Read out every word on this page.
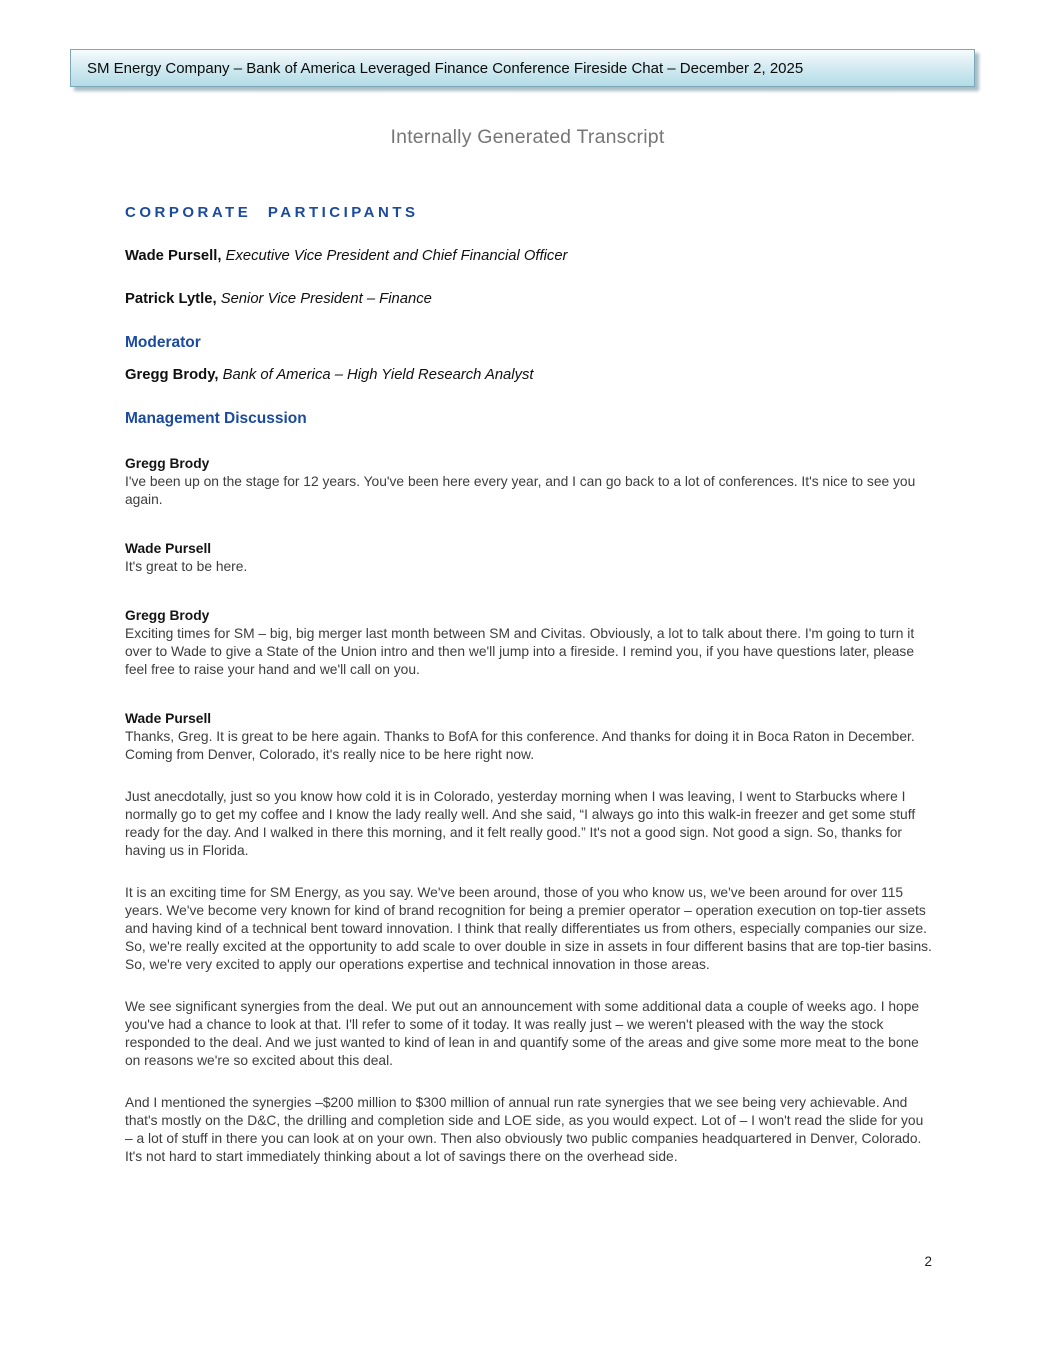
SM Energy Company – Bank of America Leveraged Finance Conference Fireside Chat – December 2, 2025
Internally Generated Transcript
CORPORATE PARTICIPANTS

Wade Pursell, Executive Vice President and Chief Financial Officer

Patrick Lytle, Senior Vice President – Finance

Moderator

Gregg Brody, Bank of America – High Yield Research Analyst

Management Discussion
Gregg Brody

I've been up on the stage for 12 years. You've been here every year, and I can go back to a lot of conferences. It's nice to see you again.

Wade Pursell

It's great to be here.

Gregg Brody

Exciting times for SM – big, big merger last month between SM and Civitas. Obviously, a lot to talk about there. I'm going to turn it over to Wade to give a State of the Union intro and then we'll jump into a fireside. I remind you, if you have questions later, please feel free to raise your hand and we'll call on you.

Wade Pursell

Thanks, Greg. It is great to be here again. Thanks to BofA for this conference. And thanks for doing it in Boca Raton in December. Coming from Denver, Colorado, it's really nice to be here right now.

Just anecdotally, just so you know how cold it is in Colorado, yesterday morning when I was leaving, I went to Starbucks where I normally go to get my coffee and I know the lady really well. And she said, “I always go into this walk-in freezer and get some stuff ready for the day. And I walked in there this morning, and it felt really good.” It's not a good sign. Not good a sign. So, thanks for having us in Florida.

It is an exciting time for SM Energy, as you say. We've been around, those of you who know us, we've been around for over 115 years. We've become very known for kind of brand recognition for being a premier operator – operation execution on top-tier assets and having kind of a technical bent toward innovation. I think that really differentiates us from others, especially companies our size. So, we're really excited at the opportunity to add scale to over double in size in assets in four different basins that are top-tier basins. So, we're very excited to apply our operations expertise and technical innovation in those areas.

We see significant synergies from the deal. We put out an announcement with some additional data a couple of weeks ago. I hope you've had a chance to look at that. I'll refer to some of it today. It was really just – we weren't pleased with the way the stock responded to the deal. And we just wanted to kind of lean in and quantify some of the areas and give some more meat to the bone on reasons we're so excited about this deal.

And I mentioned the synergies –$200 million to $300 million of annual run rate synergies that we see being very achievable. And that's mostly on the D&C, the drilling and completion side and LOE side, as you would expect. Lot of – I won't read the slide for you – a lot of stuff in there you can look at on your own. Then also obviously two public companies headquartered in Denver, Colorado. It's not hard to start immediately thinking about a lot of savings there on the overhead side.

2
